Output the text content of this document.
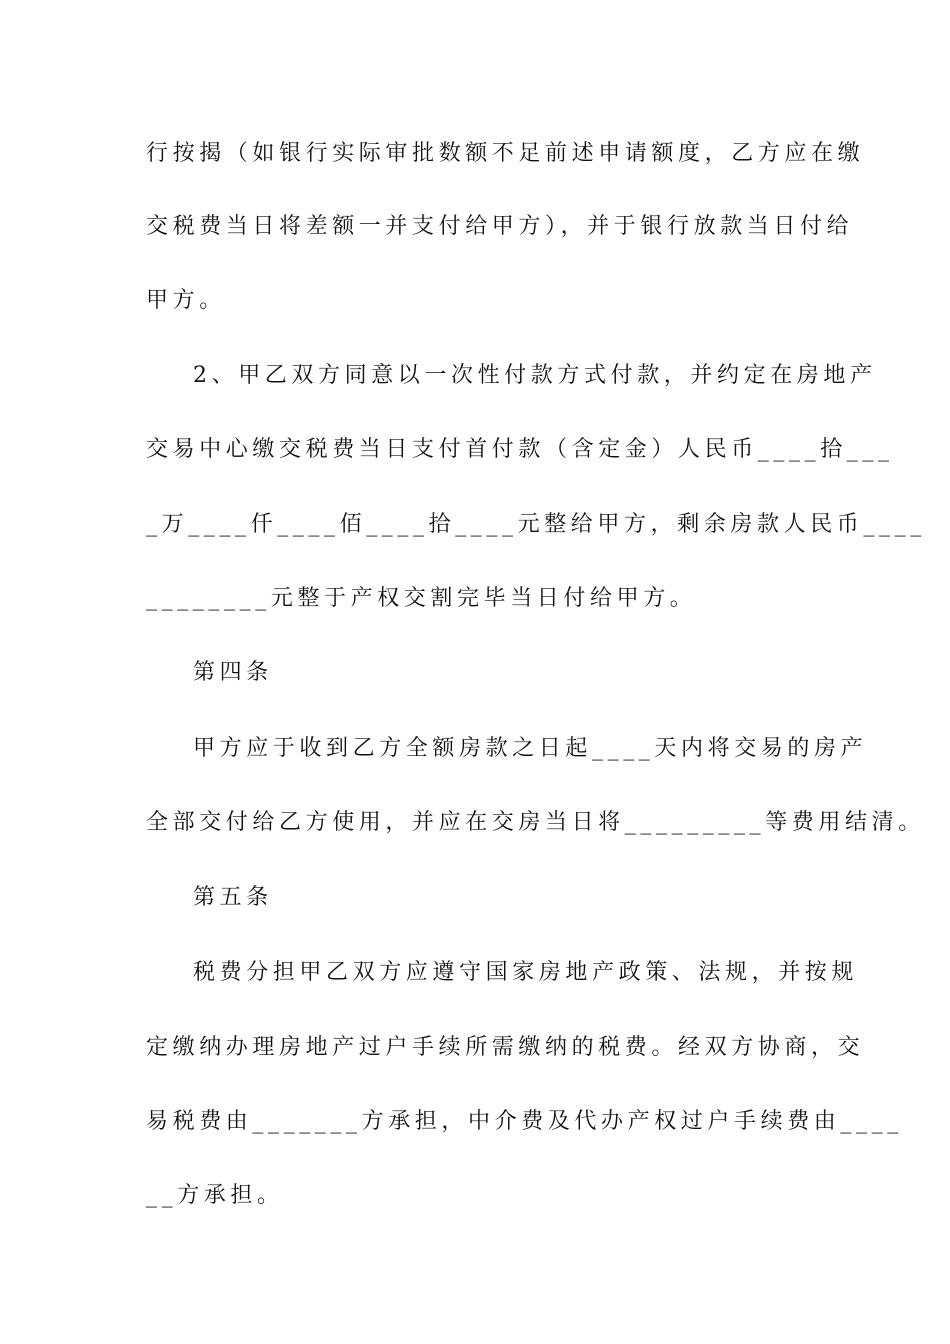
行按揭（如银行实际审批数额不足前述申请额度，乙方应在缴

交税费当日将差额一并支付给甲方），并于银行放款当日付给

甲方。

2、甲乙双方同意以一次性付款方式付款，并约定在房地产

交易中心缴交税费当日支付首付款（含定金）人民币____拾___

_万____仟____佰____拾____元整给甲方，剩余房款人民币____

________元整于产权交割完毕当日付给甲方。

第四条

甲方应于收到乙方全额房款之日起____天内将交易的房产

全部交付给乙方使用，并应在交房当日将_________等费用结清。

第五条

税费分担甲乙双方应遵守国家房地产政策、法规，并按规

定缴纳办理房地产过户手续所需缴纳的税费。经双方协商，交

易税费由_______方承担，中介费及代办产权过户手续费由____

__方承担。
